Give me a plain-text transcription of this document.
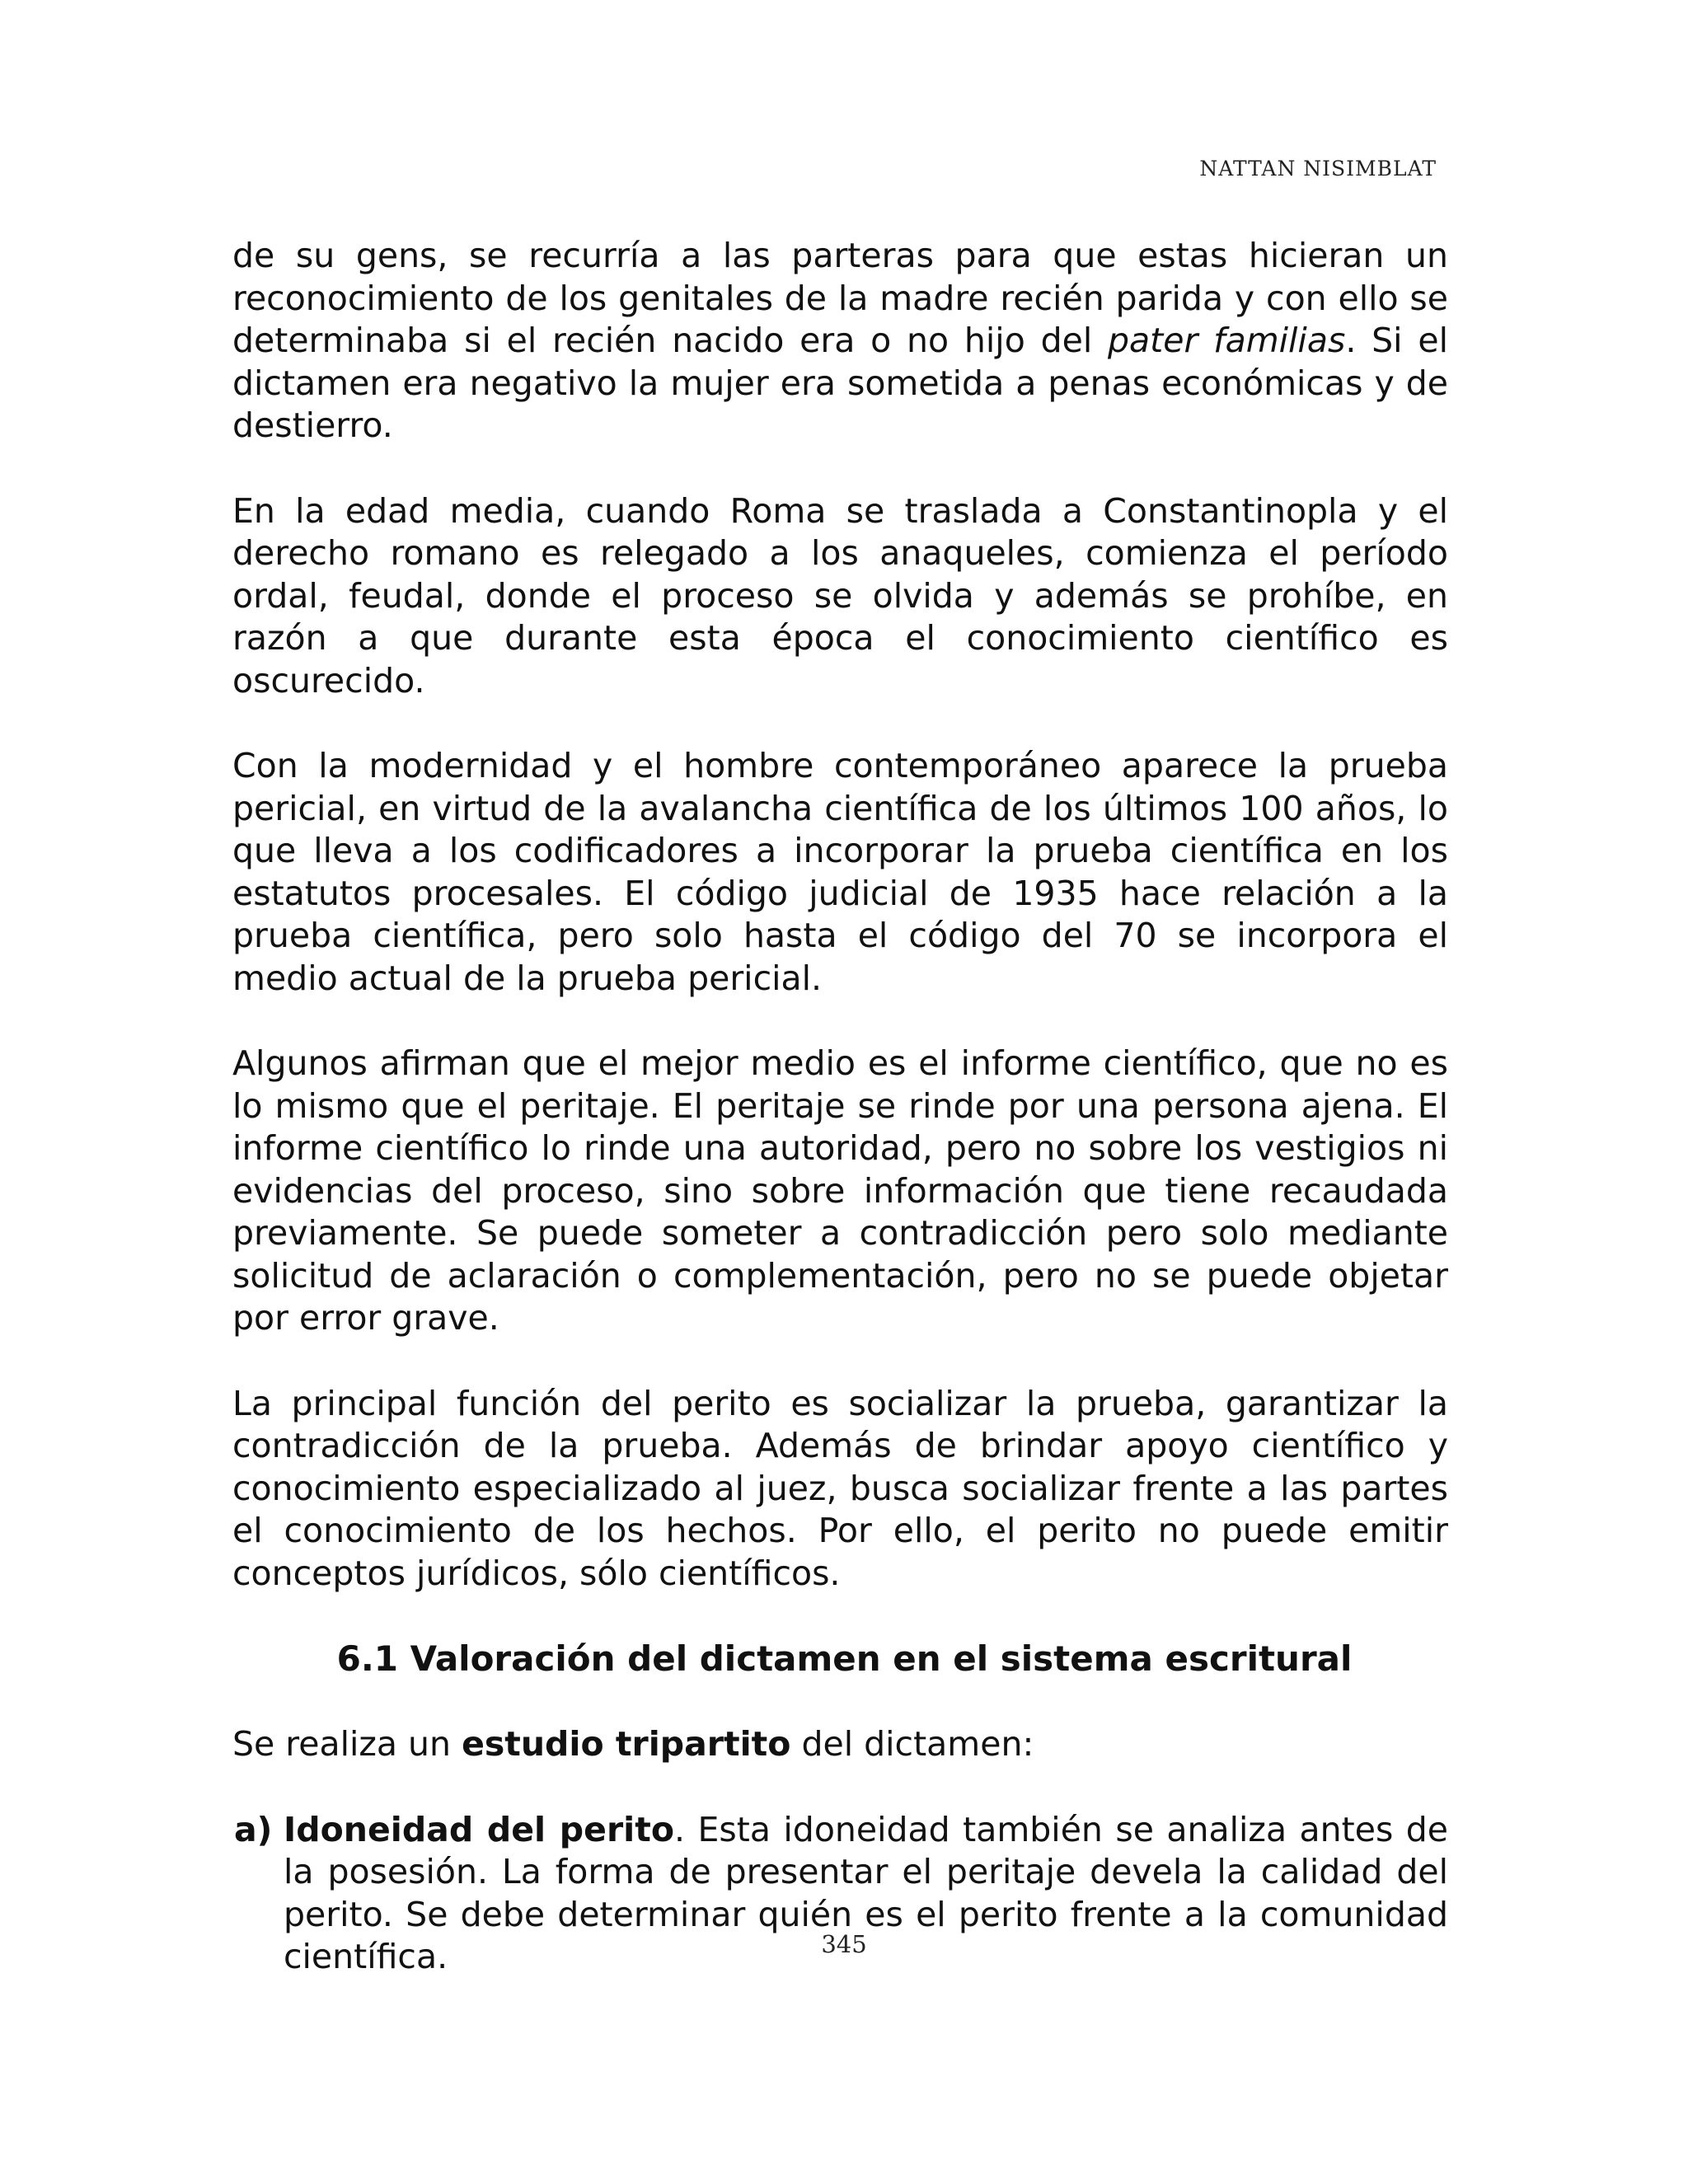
NATTAN NISIMBLAT

de su gens, se recurría a las parteras para que estas hicieran un reconocimiento de los genitales de la madre recién parida y con ello se determinaba si el recién nacido era o no hijo del pater familias. Si el dictamen era negativo la mujer era sometida a penas económicas y de destierro.

En la edad media, cuando Roma se traslada a Constantinopla y el derecho romano es relegado a los anaqueles, comienza el período ordal, feudal, donde el proceso se olvida y además se prohíbe, en razón a que durante esta época el conocimiento científico es oscurecido.

Con la modernidad y el hombre contemporáneo aparece la prueba pericial, en virtud de la avalancha científica de los últimos 100 años, lo que lleva a los codificadores a incorporar la prueba científica en los estatutos procesales. El código judicial de 1935 hace relación a la prueba científica, pero solo hasta el código del 70 se incorpora el medio actual de la prueba pericial.

Algunos afirman que el mejor medio es el informe científico, que no es lo mismo que el peritaje. El peritaje se rinde por una persona ajena. El informe científico lo rinde una autoridad, pero no sobre los vestigios ni evidencias del proceso, sino sobre información que tiene recaudada previamente. Se puede someter a contradicción pero solo mediante solicitud de aclaración o complementación, pero no se puede objetar por error grave.

La principal función del perito es socializar la prueba, garantizar la contradicción de la prueba. Además de brindar apoyo científico y conocimiento especializado al juez, busca socializar frente a las partes el conocimiento de los hechos. Por ello, el perito no puede emitir conceptos jurídicos, sólo científicos.

6.1 Valoración del dictamen en el sistema escritural

Se realiza un estudio tripartito del dictamen:

a) Idoneidad del perito. Esta idoneidad también se analiza antes de la posesión. La forma de presentar el peritaje devela la calidad del perito. Se debe determinar quién es el perito frente a la comunidad científica.	345
